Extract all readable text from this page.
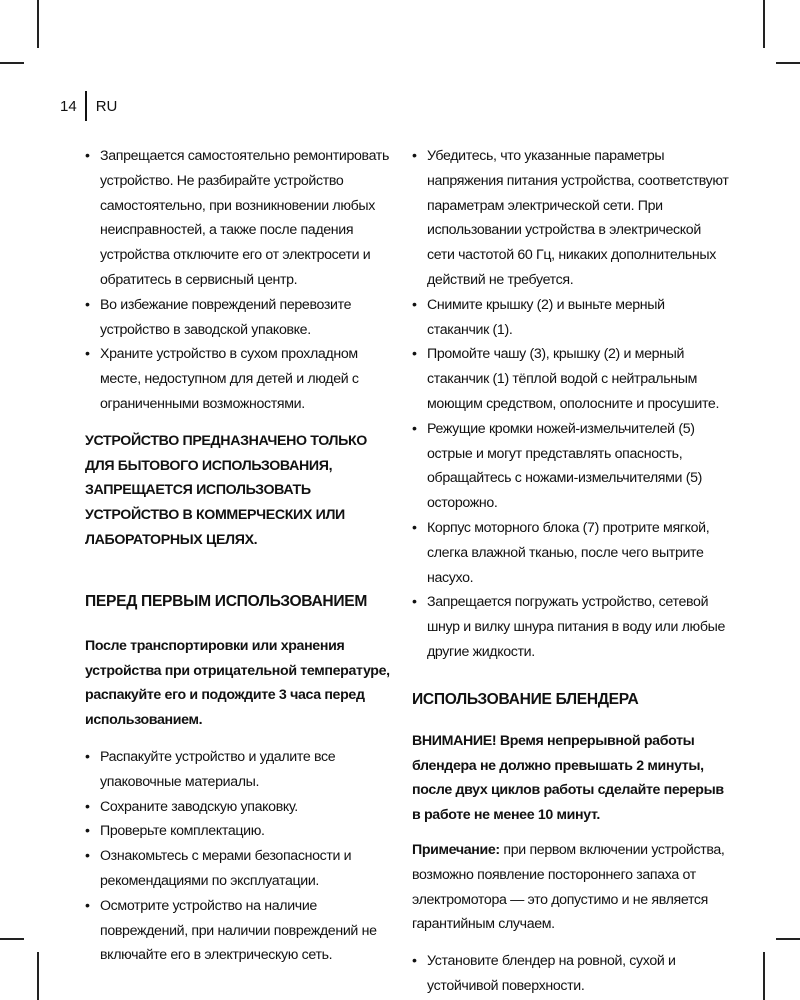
14 RU
• Запрещается самостоятельно ремонтировать устройство. Не разбирайте устройство самостоятельно, при возникновении любых неисправностей, а также после падения устройства отключите его от электросети и обратитесь в сервисный центр.
• Во избежание повреждений перевозите устройство в заводской упаковке.
• Храните устройство в сухом прохладном месте, недоступном для детей и людей с ограниченными возможностями.

УСТРОЙСТВО ПРЕДНАЗНАЧЕНО ТОЛЬКО ДЛЯ БЫТОВОГО ИСПОЛЬЗОВАНИЯ, ЗАПРЕЩАЕТСЯ ИСПОЛЬЗОВАТЬ УСТРОЙСТВО В КОММЕРЧЕСКИХ ИЛИ ЛАБОРАТОРНЫХ ЦЕЛЯХ.

ПЕРЕД ПЕРВЫМ ИСПОЛЬЗОВАНИЕМ

После транспортировки или хранения устройства при отрицательной температуре, распакуйте его и подождите 3 часа перед использованием.

• Распакуйте устройство и удалите все упаковочные материалы.
• Сохраните заводскую упаковку.
• Проверьте комплектацию.
• Ознакомьтесь с мерами безопасности и рекомендациями по эксплуатации.
• Осмотрите устройство на наличие повреждений, при наличии повреждений не включайте его в электрическую сеть.
• Убедитесь, что указанные параметры напряжения питания устройства, соответствуют параметрам электрической сети. При использовании устройства в электрической сети частотой 60 Гц, никаких дополнительных действий не требуется.
• Снимите крышку (2) и выньте мерный стаканчик (1).
• Промойте чашу (3), крышку (2) и мерный стаканчик (1) тёплой водой с нейтральным моющим средством, ополосните и просушите.
• Режущие кромки ножей-измельчителей (5) острые и могут представлять опасность, обращайтесь с ножами-измельчителями (5) осторожно.
• Корпус моторного блока (7) протрите мягкой, слегка влажной тканью, после чего вытрите насухо.
• Запрещается погружать устройство, сетевой шнур и вилку шнура питания в воду или любые другие жидкости.
ИСПОЛЬЗОВАНИЕ БЛЕНДЕРА

ВНИМАНИЕ! Время непрерывной работы блендера не должно превышать 2 минуты, после двух циклов работы сделайте перерыв в работе не менее 10 минут.

Примечание: при первом включении устройства, возможно появление постороннего запаха от электромотора — это допустимо и не является гарантийным случаем.

• Установите блендер на ровной, сухой и устойчивой поверхности.
